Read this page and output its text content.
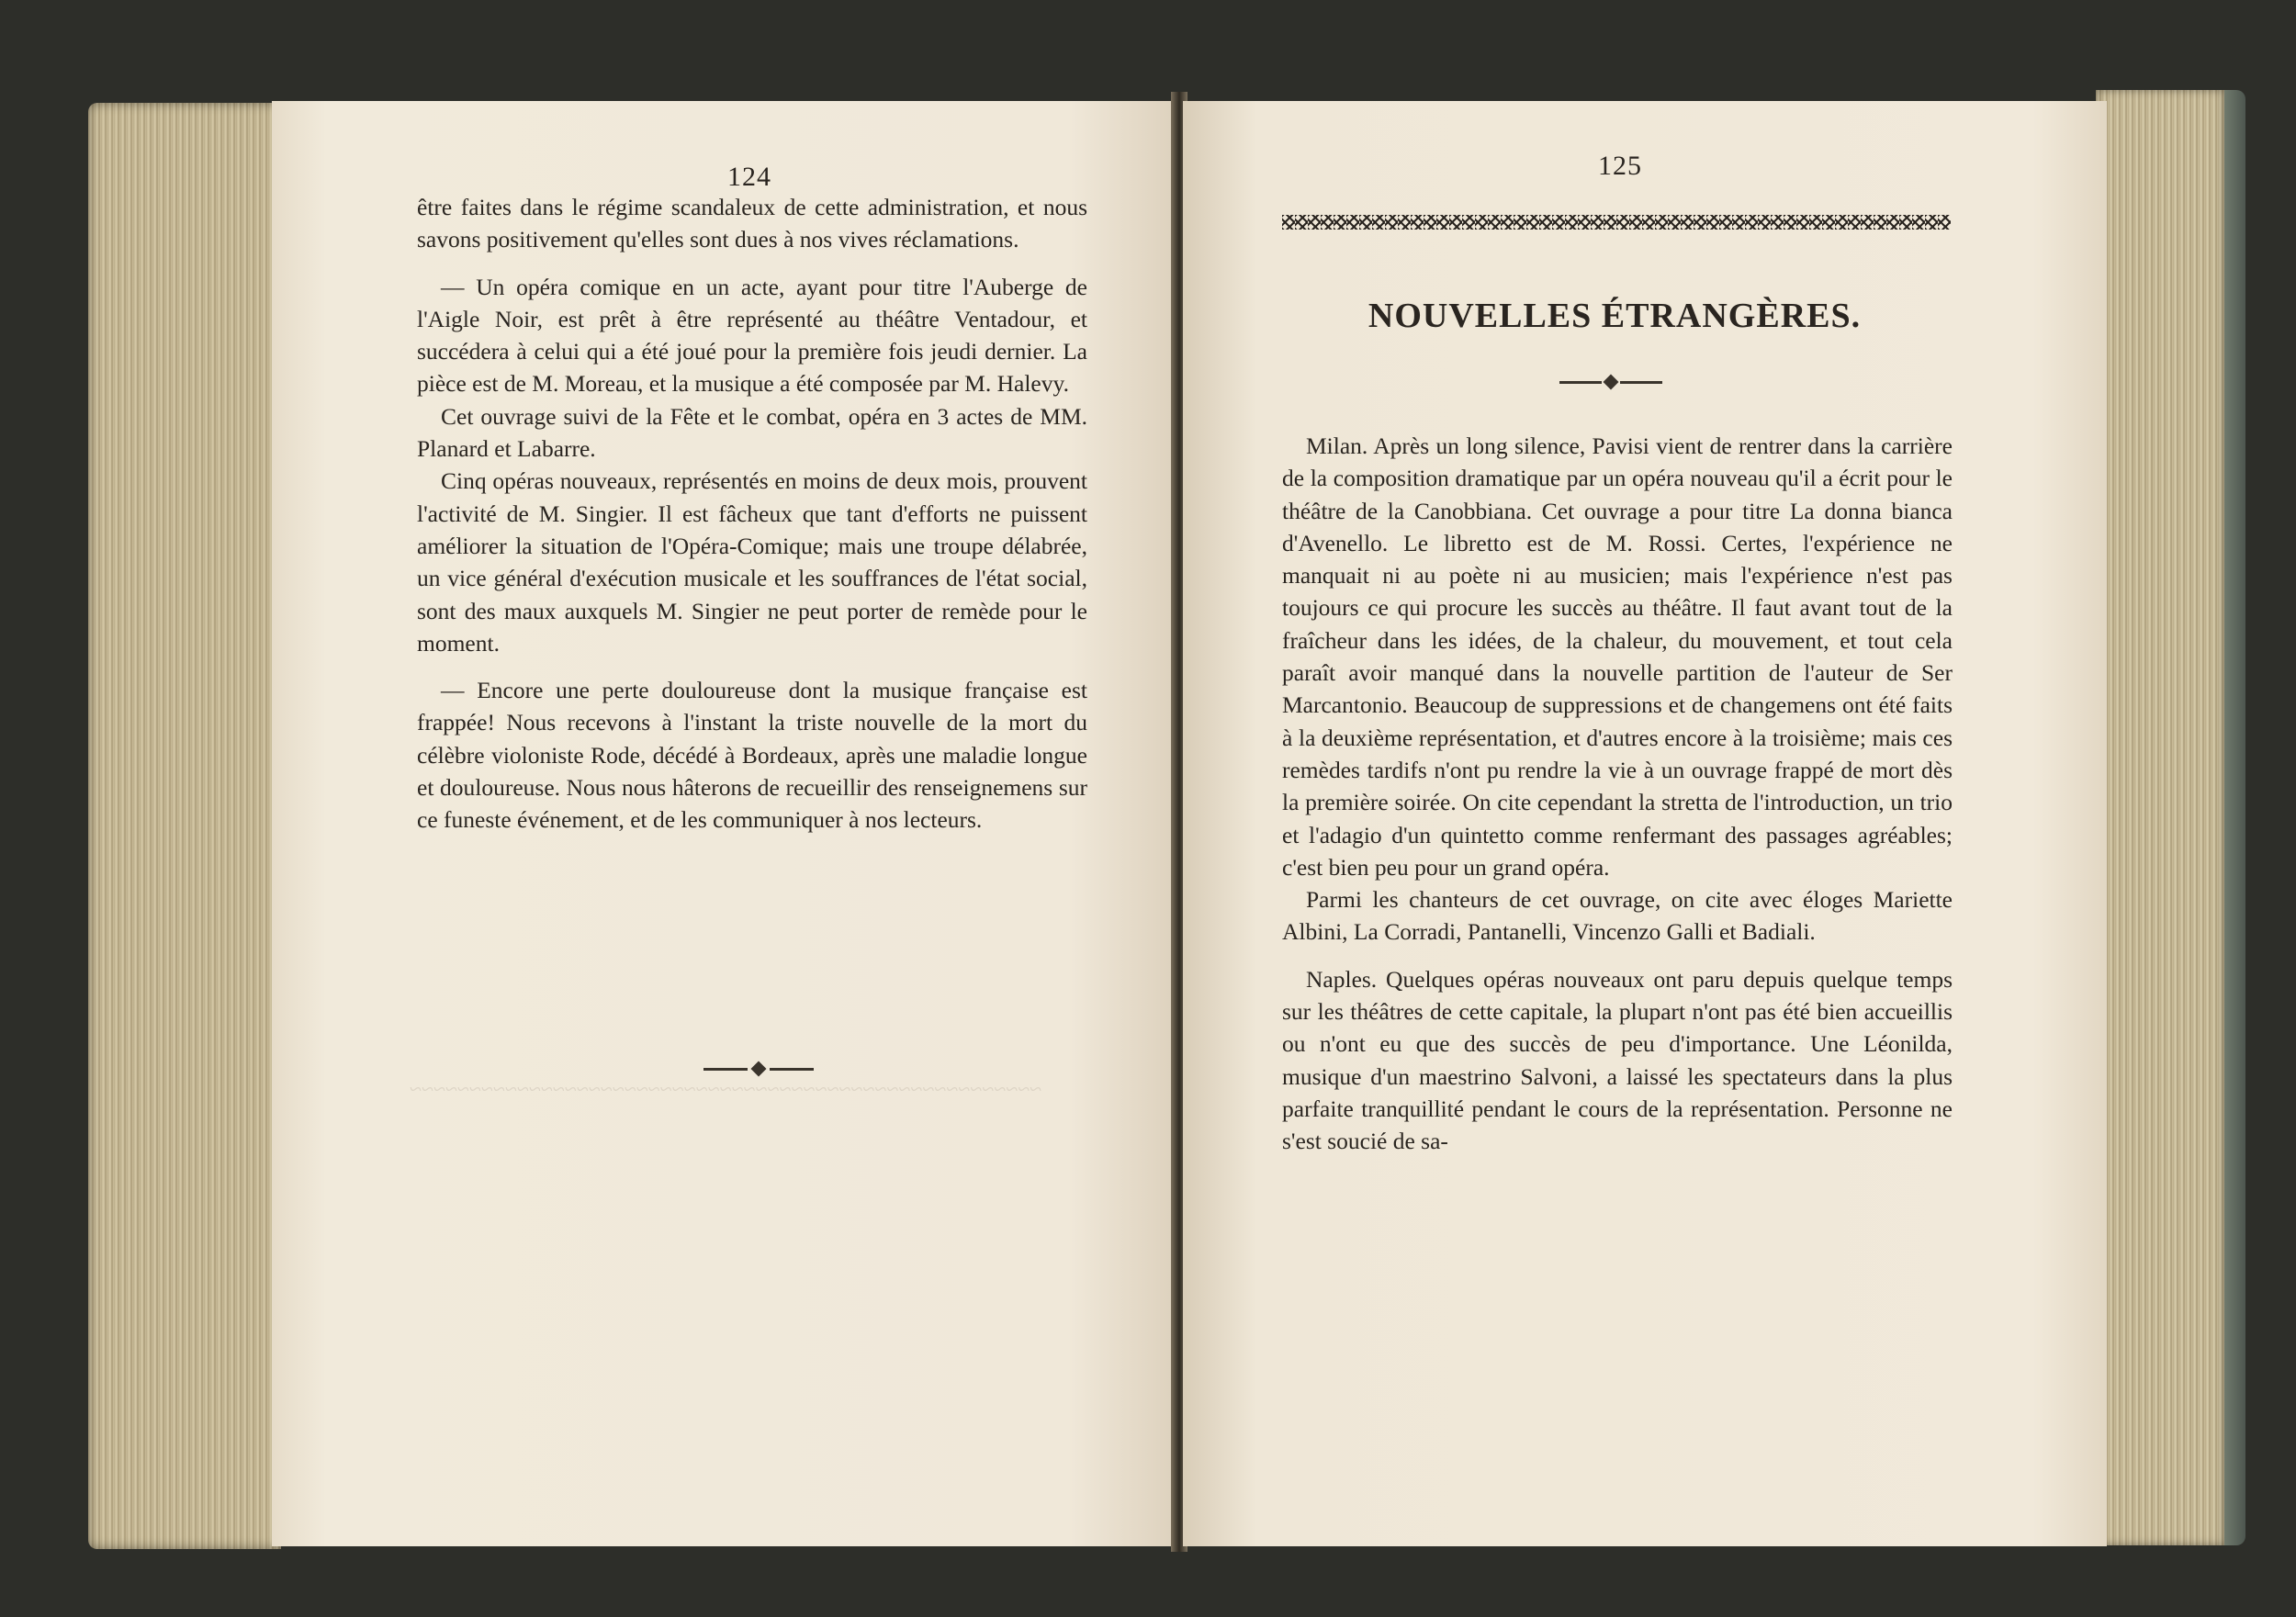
124

être faites dans le régime scandaleux de cette administration, et nous savons positivement qu'elles sont dues à nos vives réclamations.

— Un opéra comique en un acte, ayant pour titre l'Auberge de l'Aigle Noir, est prêt à être représenté au théâtre Ventadour, et succédera à celui qui a été joué pour la première fois jeudi dernier. La pièce est de M. Moreau, et la musique a été composée par M. Halevy.

Cet ouvrage suivi de la Fête et le combat, opéra en 3 actes de MM. Planard et Labarre.

Cinq opéras nouveaux, représentés en moins de deux mois, prouvent l'activité de M. Singier. Il est fâcheux que tant d'efforts ne puissent améliorer la situation de l'Opéra-Comique; mais une troupe délabrée, un vice général d'exécution musicale et les souffrances de l'état social, sont des maux auxquels M. Singier ne peut porter de remède pour le moment.

— Encore une perte douloureuse dont la musique française est frappée! Nous recevons à l'instant la triste nouvelle de la mort du célèbre violoniste Rode, décédé à Bordeaux, après une maladie longue et douloureuse. Nous nous hâterons de recueillir des renseignemens sur ce funeste événement, et de les communiquer à nos lecteurs.

~~~~~~~~~~~~~~~~~~~~~~~~~~~~~~~~~~~~~~~~~~~~~~~~~~~~~
125
NOUVELLES ÉTRANGÈRES.

Milan. Après un long silence, Pavisi vient de rentrer dans la carrière de la composition dramatique par un opéra nouveau qu'il a écrit pour le théâtre de la Canobbiana. Cet ouvrage a pour titre La donna bianca d'Avenello. Le libretto est de M. Rossi. Certes, l'expérience ne manquait ni au poète ni au musicien; mais l'expérience n'est pas toujours ce qui procure les succès au théâtre. Il faut avant tout de la fraîcheur dans les idées, de la chaleur, du mouvement, et tout cela paraît avoir manqué dans la nouvelle partition de l'auteur de Ser Marcantonio. Beaucoup de suppressions et de changemens ont été faits à la deuxième représentation, et d'autres encore à la troisième; mais ces remèdes tardifs n'ont pu rendre la vie à un ouvrage frappé de mort dès la première soirée. On cite cependant la stretta de l'introduction, un trio et l'adagio d'un quintetto comme renfermant des passages agréables; c'est bien peu pour un grand opéra.

Parmi les chanteurs de cet ouvrage, on cite avec éloges Mariette Albini, La Corradi, Pantanelli, Vincenzo Galli et Badiali.

Naples. Quelques opéras nouveaux ont paru depuis quelque temps sur les théâtres de cette capitale, la plupart n'ont pas été bien accueillis ou n'ont eu que des succès de peu d'importance. Une Léonilda, musique d'un maestrino Salvoni, a laissé les spectateurs dans la plus parfaite tranquillité pendant le cours de la représentation. Personne ne s'est soucié de sa-
